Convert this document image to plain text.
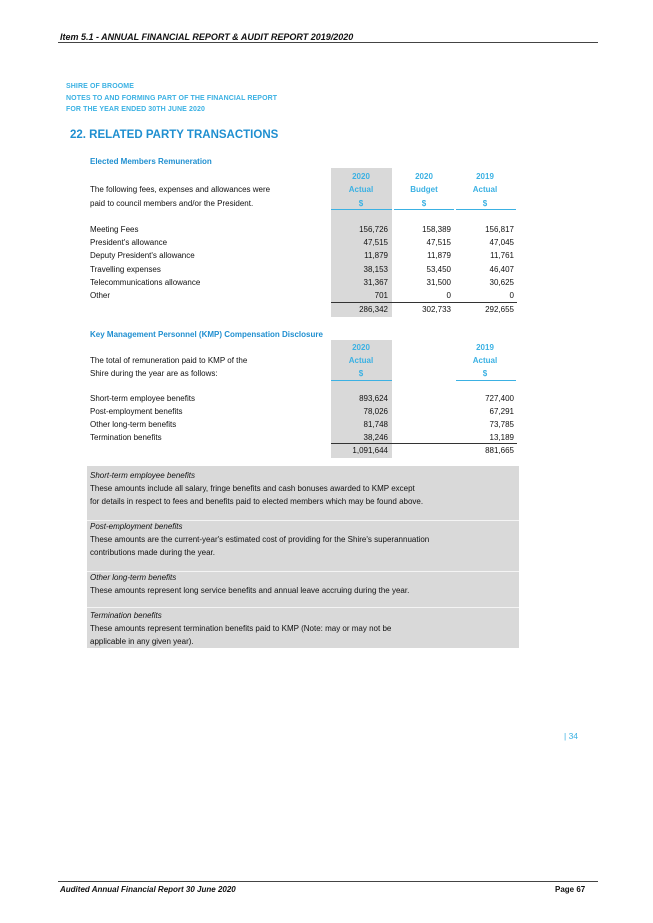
Item 5.1 - ANNUAL FINANCIAL REPORT & AUDIT REPORT 2019/2020
SHIRE OF BROOME
NOTES TO AND FORMING PART OF THE FINANCIAL REPORT
FOR THE YEAR ENDED 30TH JUNE 2020
22. RELATED PARTY TRANSACTIONS
Elected Members Remuneration
2020	2020	2019
Actual	Budget	Actual
$	$	$
The following fees, expenses and allowances were
paid to council members and/or the President.
Meeting Fees	156,726	158,389	156,817
President's allowance	47,515	47,515	47,045
Deputy President's allowance	11,879	11,879	11,761
Travelling expenses	38,153	53,450	46,407
Telecommunications allowance	31,367	31,500	30,625
Other	701	0	0
286,342	302,733	292,655
Key Management Personnel (KMP) Compensation Disclosure
2020	2019
Actual	Actual
$	$
The total of remuneration paid to KMP of the
Shire during the year are as follows:
Short-term employee benefits	893,624	727,400
Post-employment benefits	78,026	67,291
Other long-term benefits	81,748	73,785
Termination benefits	38,246	13,189
1,091,644	881,665
Short-term employee benefits
These amounts include all salary, fringe benefits and cash bonuses awarded to KMP except
for details in respect to fees and benefits paid to elected members which may be found above.
Post-employment benefits
These amounts are the current-year's estimated cost of providing for the Shire's superannuation
contributions made during the year.
Other long-term benefits
These amounts represent long service benefits and annual leave accruing during the year.
Termination benefits
These amounts represent termination benefits paid to KMP (Note: may or may not be
applicable in any given year).
| 34
Audited Annual Financial Report 30 June 2020	Page 67
